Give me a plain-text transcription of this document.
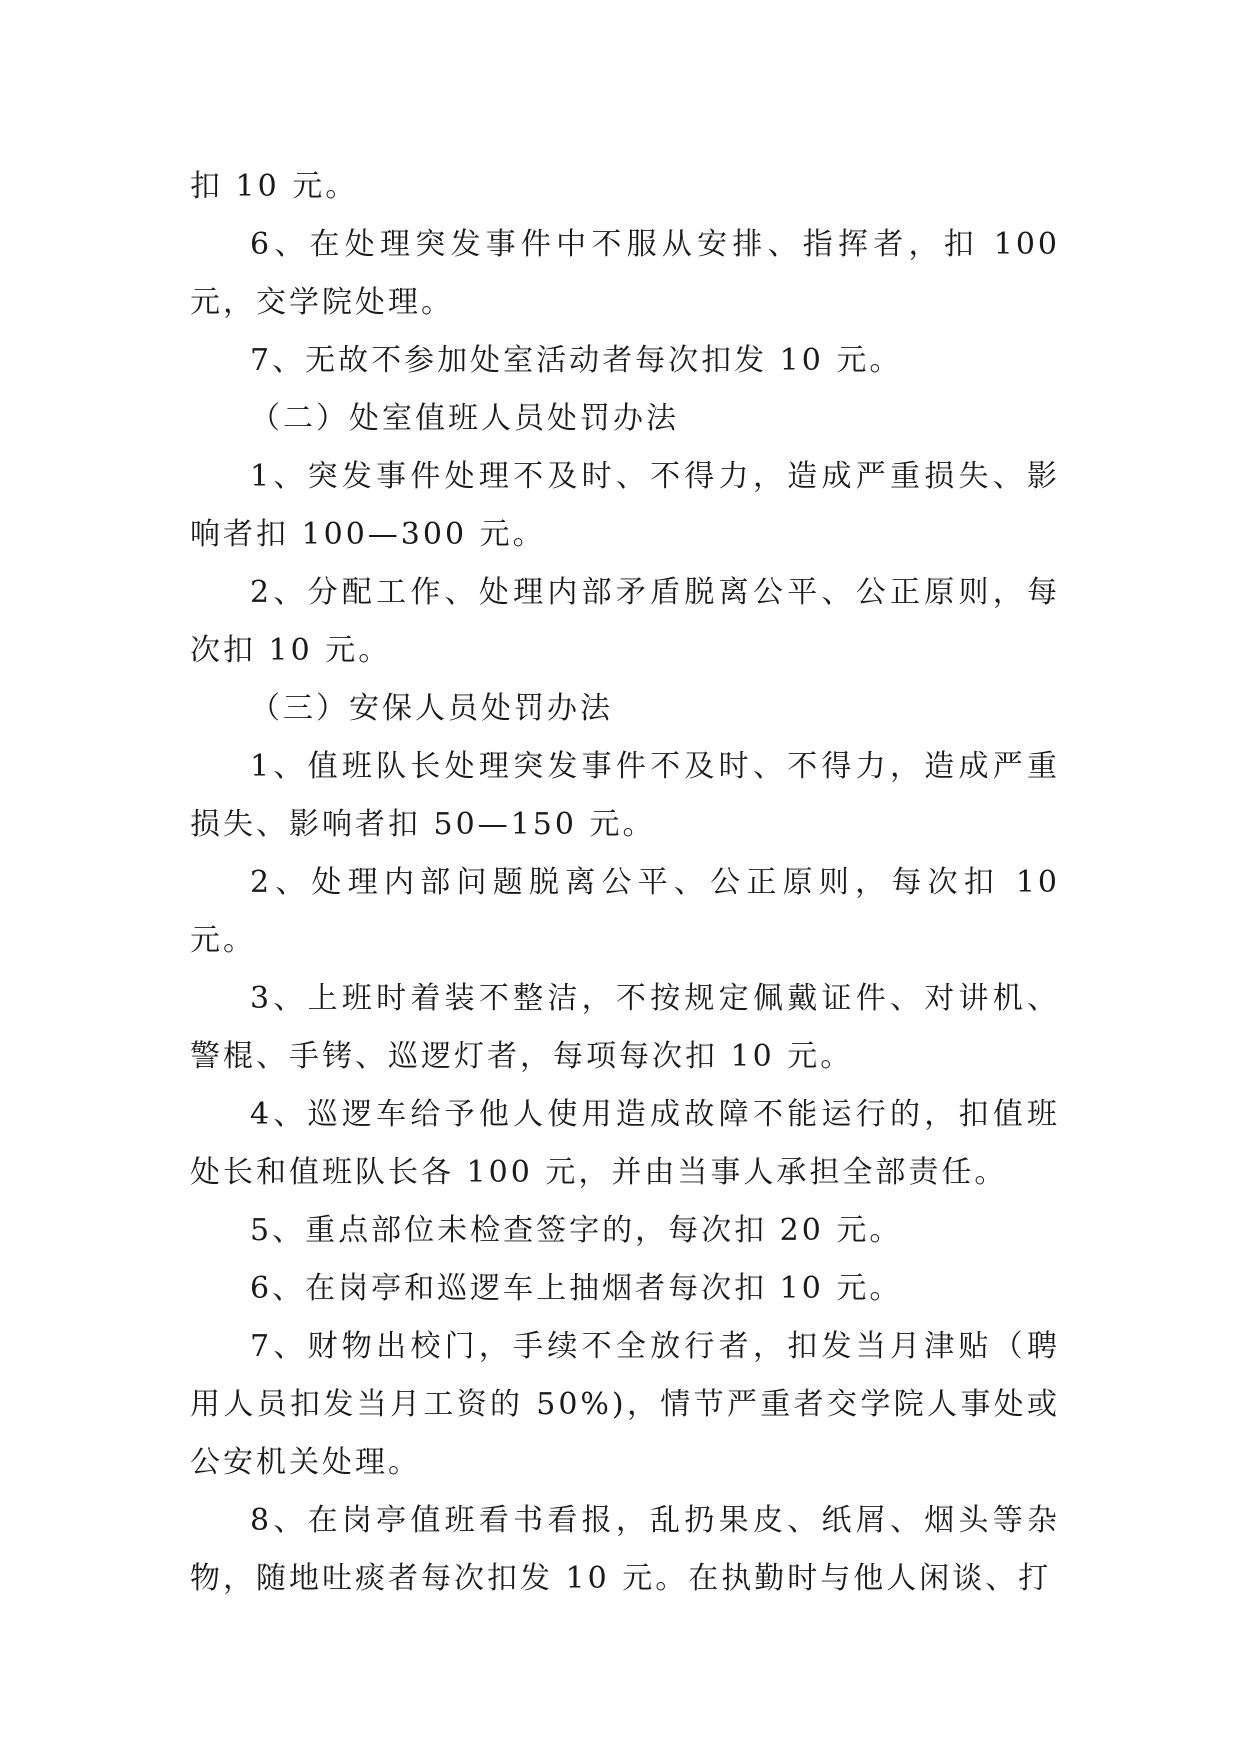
扣 10 元。

6、在处理突发事件中不服从安排、指挥者，扣 100 元，交学院处理。

7、无故不参加处室活动者每次扣发 10 元。

（二）处室值班人员处罚办法

1、突发事件处理不及时、不得力，造成严重损失、影响者扣 100—300 元。

2、分配工作、处理内部矛盾脱离公平、公正原则，每次扣 10 元。

（三）安保人员处罚办法

1、值班队长处理突发事件不及时、不得力，造成严重损失、影响者扣 50—150 元。

2、处理内部问题脱离公平、公正原则，每次扣 10 元。

3、上班时着装不整洁，不按规定佩戴证件、对讲机、警棍、手铐、巡逻灯者，每项每次扣 10 元。

4、巡逻车给予他人使用造成故障不能运行的，扣值班处长和值班队长各 100 元，并由当事人承担全部责任。

5、重点部位未检查签字的，每次扣 20 元。

6、在岗亭和巡逻车上抽烟者每次扣 10 元。

7、财物出校门，手续不全放行者，扣发当月津贴（聘用人员扣发当月工资的 50%)，情节严重者交学院人事处或公安机关处理。

8、在岗亭值班看书看报，乱扔果皮、纸屑、烟头等杂物，随地吐痰者每次扣发 10 元。在执勤时与他人闲谈、打
